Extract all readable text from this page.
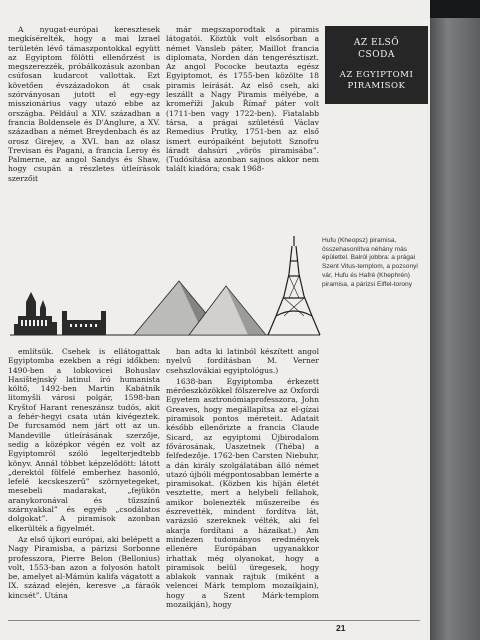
A nyugat-európai keresztesek megkísérelték, hogy a mai Izrael területén lévő támaszpontokkal együtt az Egyiptom fölötti ellenőrzést is megszerezzék, próbálkozásuk azonban csúfosan kudarcot vallottak. Ezt követően évszázadokon át csak szórványosan jutott el egy-egy misszionárius vagy utazó ebbe az országba. Például a XIV. században a francia Boldensele és D'Anglure, a XV. században a német Breydenbach és az orosz Girejev, a XVI. ban az olasz Trevisan és Pagani, a francia Leroy és Palmerne, az angol Sandys és Shaw, hogy csupán a részletes útleírások szerzőit

már megszaporodtak a piramis látogatói. Köztük volt elsősorban a német Vansleb páter, Maillot francia diplomata, Norden dán tengerésztiszt. Az angol Pococke beutazta egész Egyiptomot, és 1755-ben közölte 18 piramis leírását. Az első cseh, aki leszállt a Nagy Piramis mélyébe, a kromeříži Jakub Římař páter volt (1711-ben vagy 1722-ben). Fiatalabb társa, a prágai születésű Václav Remedius Prutky, 1751-ben az első ismert európaiként bejutott Sznofru láradt dahsúri „vörös piramisába”. (Tudósítása azonban sajnos akkor nem talált kiadóra; csak 1968-

AZ ELSŐ
CSODA
AZ EGYIPTOMI PIRAMISOK
Hufu (Kheopsz) piramisa, összehasonlítva néhány más épülettel. Balról jobbra: a prágai Szent Vitus-templom, a pozsonyi vár, Hufu és Hafré (Khephrén) piramisa, a párizsi Eiffel-torony

említsük. Csehek is ellátogattak Egyiptomba ezekben a régi időkben: 1490-ben a lobkovicei Bohuslav Hasištejnský latinul író humanista költő, 1492-ben Martin Kabátník litomyšli városi polgár, 1598-ban Kryštof Harant reneszánsz tudós, akit a fehér-hegyi csata után kivégeztek. De furcsamód nem járt ott az un. Mandeville útleírásának szerzője, sedig a középkor végén ez volt az Egyiptomról szóló legelterjedtebb könyv. Annál többet képzelődött: látott „derektól fölfelé emberhez hasonló, lefelé kecskeszerű” szörnyetegeket, mesebeli madarakat, „fejükön aranykoronával és tűzszínű szárnyakkal” és egyéb „csodálatos dolgokat”. A piramisok azonban elkerülték a figyelmét.

Az első újkori európai, aki belépett a Nagy Piramisba, a párizsi Sorbonne professzora, Pierre Belon (Bellonius) volt, 1553-ban azon a folyosón hatolt be, amelyet al-Mámún kalifa vágatott a IX. század elején, keresve „a fáraók kincsét”. Utána

ban adta ki latinból készített angol nyelvű fordításban M. Verner csehszlovákiai egyiptológus.)

1638-ban Egyiptomba érkezett mérőeszközökkel fölszerelve az Oxfordi Egyetem asztronómiaprofesszora, John Greaves, hogy megállapítsa az el-gízai piramisok pontos méreteit. Adatait később ellenőrizte a francia Claude Sicard, az egyiptomi Újbirodalom fővárosának, Uaszetnek (Théba) a felfedezője. 1762-ben Carsten Niebuhr, a dán király szolgálatában álló német utazó újbóli mégpontosabban lemérte a piramisokat. (Közben kis híján életét vesztette, mert a helybeli fellahok, amikor bolenezték műszereibe és észrevették, mindent fordítva lát, varázsló szereknek vélték, aki fel akarja fordítani a házaikat.) Am mindezen tudományos eredmények ellenére Európában ugyanakkor írhattak még olyanokat, hogy a piramisok belül üregesek, hogy ablakok vannak rajtuk (miként a velencei Márk templom mozaikjain), hogy a Szent Márk-templom mozaikján), hogy

21
